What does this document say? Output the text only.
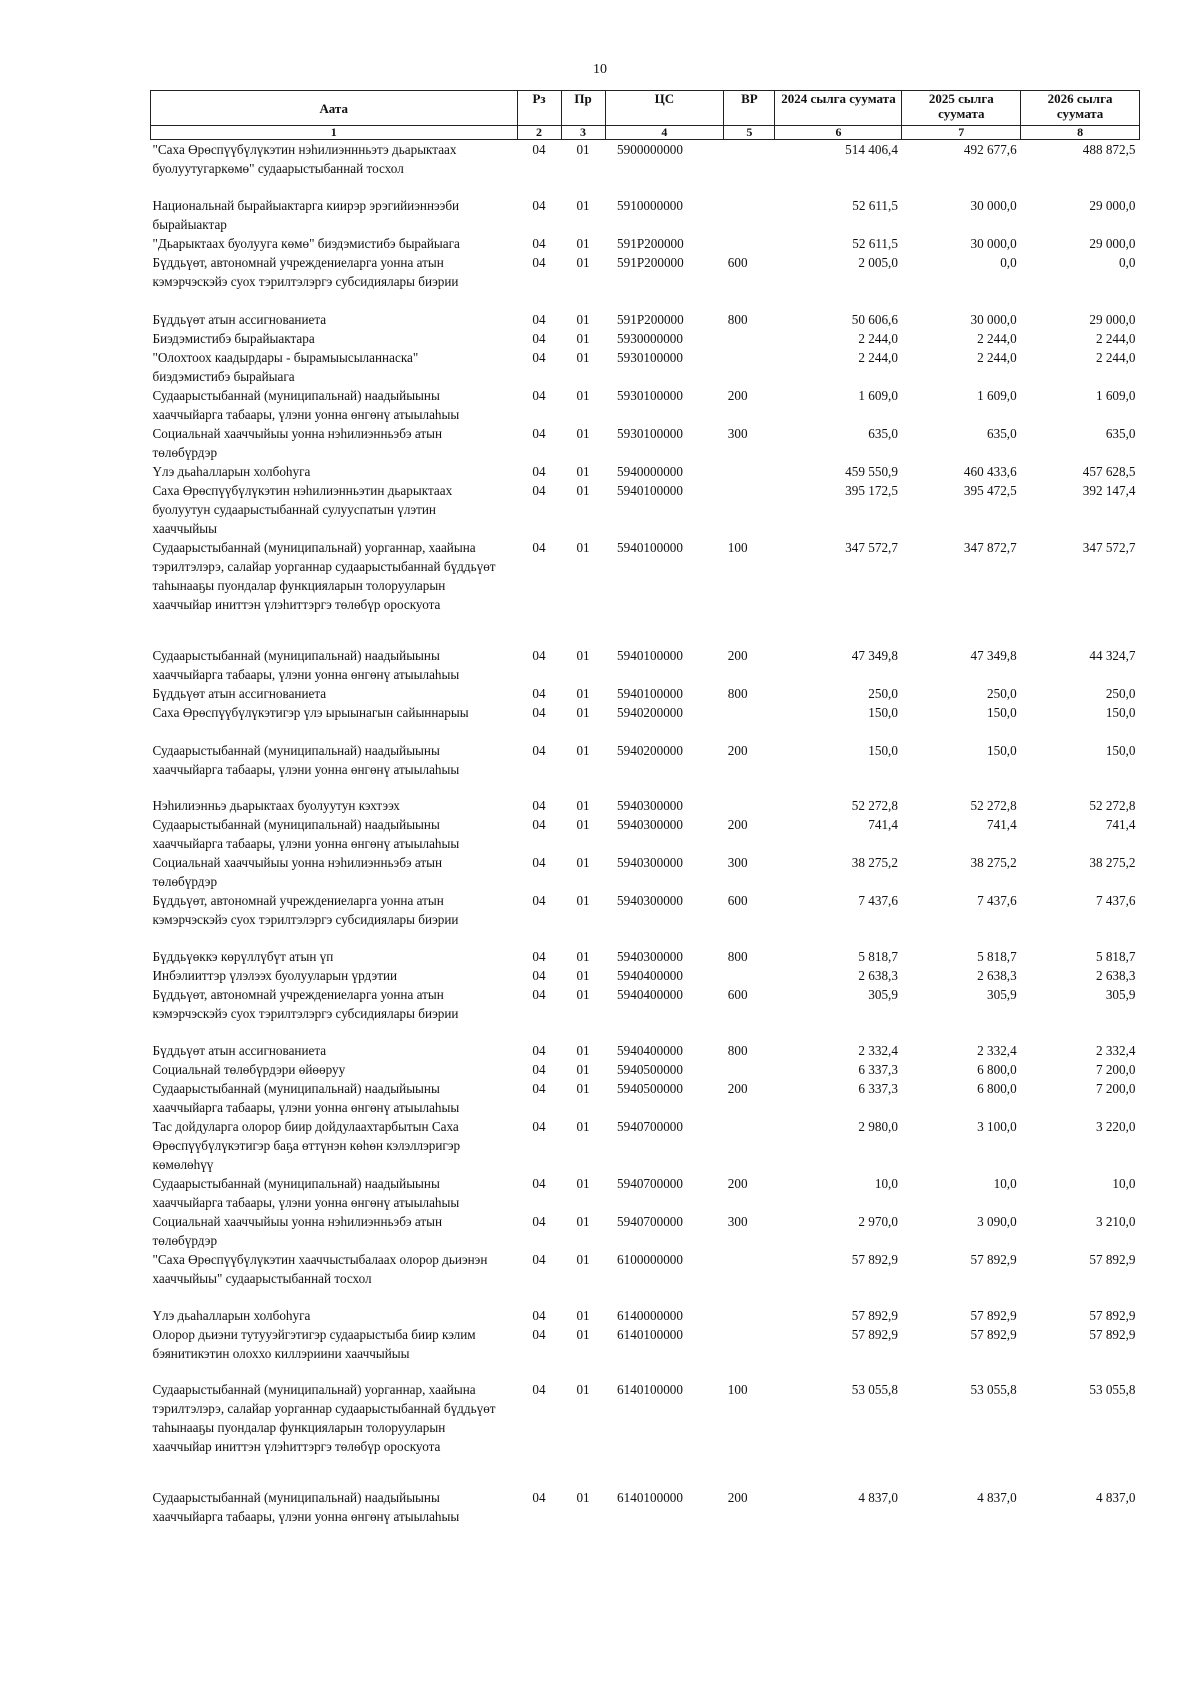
10
Аата	Рз	Пр	ЦС	ВР	2024 сылга суумата	2025 сылга суумата	2026 сылга суумата
1	2	3	4	5	6	7	8
"Саха Өрөспүүбүлүкэтин нэһилиэннньэтэ дьарыктаах буолуутугаркөмө" судаарыстыбаннай тосхол	04	01	5900000000		514 406,4	492 677,6	488 872,5
Национальнай бырайыактарга киирэр эрэгийиэннээби бырайыактар	04	01	5910000000		52 611,5	30 000,0	29 000,0
"Дьарыктаах буолууга көмө" биэдэмистибэ бырайыага	04	01	591P200000		52 611,5	30 000,0	29 000,0
Бүддьүөт, автономнай учреждениеларга уонна атын кэмэрчэскэйэ суох тэрилтэлэргэ субсидиялары биэрии	04	01	591P200000	600	2 005,0	0,0	0,0
Бүддьүөт атын ассигнованиета	04	01	591P200000	800	50 606,6	30 000,0	29 000,0
Биэдэмистибэ бырайыактара	04	01	5930000000		2 244,0	2 244,0	2 244,0
"Олохтоох каадырдары - бырамыысыланнаска" биэдэмистибэ бырайыага	04	01	5930100000		2 244,0	2 244,0	2 244,0
Судаарыстыбаннай (муниципальнай) наадыйыыны хааччыйарга табаары, үлэни уонна өнгөнү атыылаһыы	04	01	5930100000	200	1 609,0	1 609,0	1 609,0
Социальнай хааччыйыы уонна нэһилиэнньэбэ атын төлөбүрдэр	04	01	5930100000	300	635,0	635,0	635,0
Үлэ дьаһалларын холбоһуга	04	01	5940000000		459 550,9	460 433,6	457 628,5
Саха Өрөспүүбүлүкэтин нэһилиэнньэтин дьарыктаах буолуутун судаарыстыбаннай сулууспатын үлэтин хааччыйыы	04	01	5940100000		395 172,5	395 472,5	392 147,4
Судаарыстыбаннай (муниципальнай) уорганнар, хаайына тэрилтэлэрэ, салайар уорганнар судаарыстыбаннай бүддьүөт таһынааҕы пуондалар функцияларын толорууларын хааччыйар иниттэн үлэһиттэргэ төлөбүр ороскуота	04	01	5940100000	100	347 572,7	347 872,7	347 572,7
Судаарыстыбаннай (муниципальнай) наадыйыыны хааччыйарга табаары, үлэни уонна өнгөнү атыылаһыы	04	01	5940100000	200	47 349,8	47 349,8	44 324,7
Бүддьүөт атын ассигнованиета	04	01	5940100000	800	250,0	250,0	250,0
Саха Өрөспүүбүлүкэтигэр үлэ ырыынагын сайыннарыы	04	01	5940200000		150,0	150,0	150,0
Судаарыстыбаннай (муниципальнай) наадыйыыны хааччыйарга табаары, үлэни уонна өнгөнү атыылаһыы	04	01	5940200000	200	150,0	150,0	150,0
Нэһилиэнньэ дьарыктаах буолуутун кэхтээх	04	01	5940300000		52 272,8	52 272,8	52 272,8
Судаарыстыбаннай (муниципальнай) наадыйыыны хааччыйарга табаары, үлэни уонна өнгөнү атыылаһыы	04	01	5940300000	200	741,4	741,4	741,4
Социальнай хааччыйыы уонна нэһилиэнньэбэ атын төлөбүрдэр	04	01	5940300000	300	38 275,2	38 275,2	38 275,2
Бүддьүөт, автономнай учреждениеларга уонна атын кэмэрчэскэйэ суох тэрилтэлэргэ субсидиялары биэрии	04	01	5940300000	600	7 437,6	7 437,6	7 437,6
Бүддьүөккэ көрүллүбүт атын үп	04	01	5940300000	800	5 818,7	5 818,7	5 818,7
Инбэлииттэр үлэлээх буолууларын үрдэтии	04	01	5940400000		2 638,3	2 638,3	2 638,3
Бүддьүөт, автономнай учреждениеларга уонна атын кэмэрчэскэйэ суох тэрилтэлэргэ субсидиялары биэрии	04	01	5940400000	600	305,9	305,9	305,9
Бүддьүөт атын ассигнованиета	04	01	5940400000	800	2 332,4	2 332,4	2 332,4
Социальнай төлөбүрдэри өйөөруу	04	01	5940500000		6 337,3	6 800,0	7 200,0
Судаарыстыбаннай (муниципальнай) наадыйыыны хааччыйарга табаары, үлэни уонна өнгөнү атыылаһыы	04	01	5940500000	200	6 337,3	6 800,0	7 200,0
Тас дойдуларга олорор биир дойдулаахтарбытын Саха Өрөспүүбүлүкэтигэр баҕа өттүнэн көһөн кэлэллэригэр көмөлөһүү	04	01	5940700000		2 980,0	3 100,0	3 220,0
Судаарыстыбаннай (муниципальнай) наадыйыыны хааччыйарга табаары, үлэни уонна өнгөнү атыылаһыы	04	01	5940700000	200	10,0	10,0	10,0
Социальнай хааччыйыы уонна нэһилиэнньэбэ атын төлөбүрдэр	04	01	5940700000	300	2 970,0	3 090,0	3 210,0
"Саха Өрөспүүбүлүкэтин хааччыстыбалаах олорор дьиэнэн хааччыйыы" судаарыстыбаннай тосхол	04	01	6100000000		57 892,9	57 892,9	57 892,9
Үлэ дьаһалларын холбоһуга	04	01	6140000000		57 892,9	57 892,9	57 892,9
Олорор дьиэни тутууэйгэтигэр судаарыстыба биир кэлим бэянитикэтин олоххо киллэриини хааччыйыы	04	01	6140100000		57 892,9	57 892,9	57 892,9
Судаарыстыбаннай (муниципальнай) уорганнар, хаайына тэрилтэлэрэ, салайар уорганнар судаарыстыбаннай бүддьүөт таһынааҕы пуондалар функцияларын толорууларын хааччыйар иниттэн үлэһиттэргэ төлөбүр ороскуота	04	01	6140100000	100	53 055,8	53 055,8	53 055,8
Судаарыстыбаннай (муниципальнай) наадыйыыны хааччыйарга табаары, үлэни уонна өнгөнү атыылаһыы	04	01	6140100000	200	4 837,0	4 837,0	4 837,0
